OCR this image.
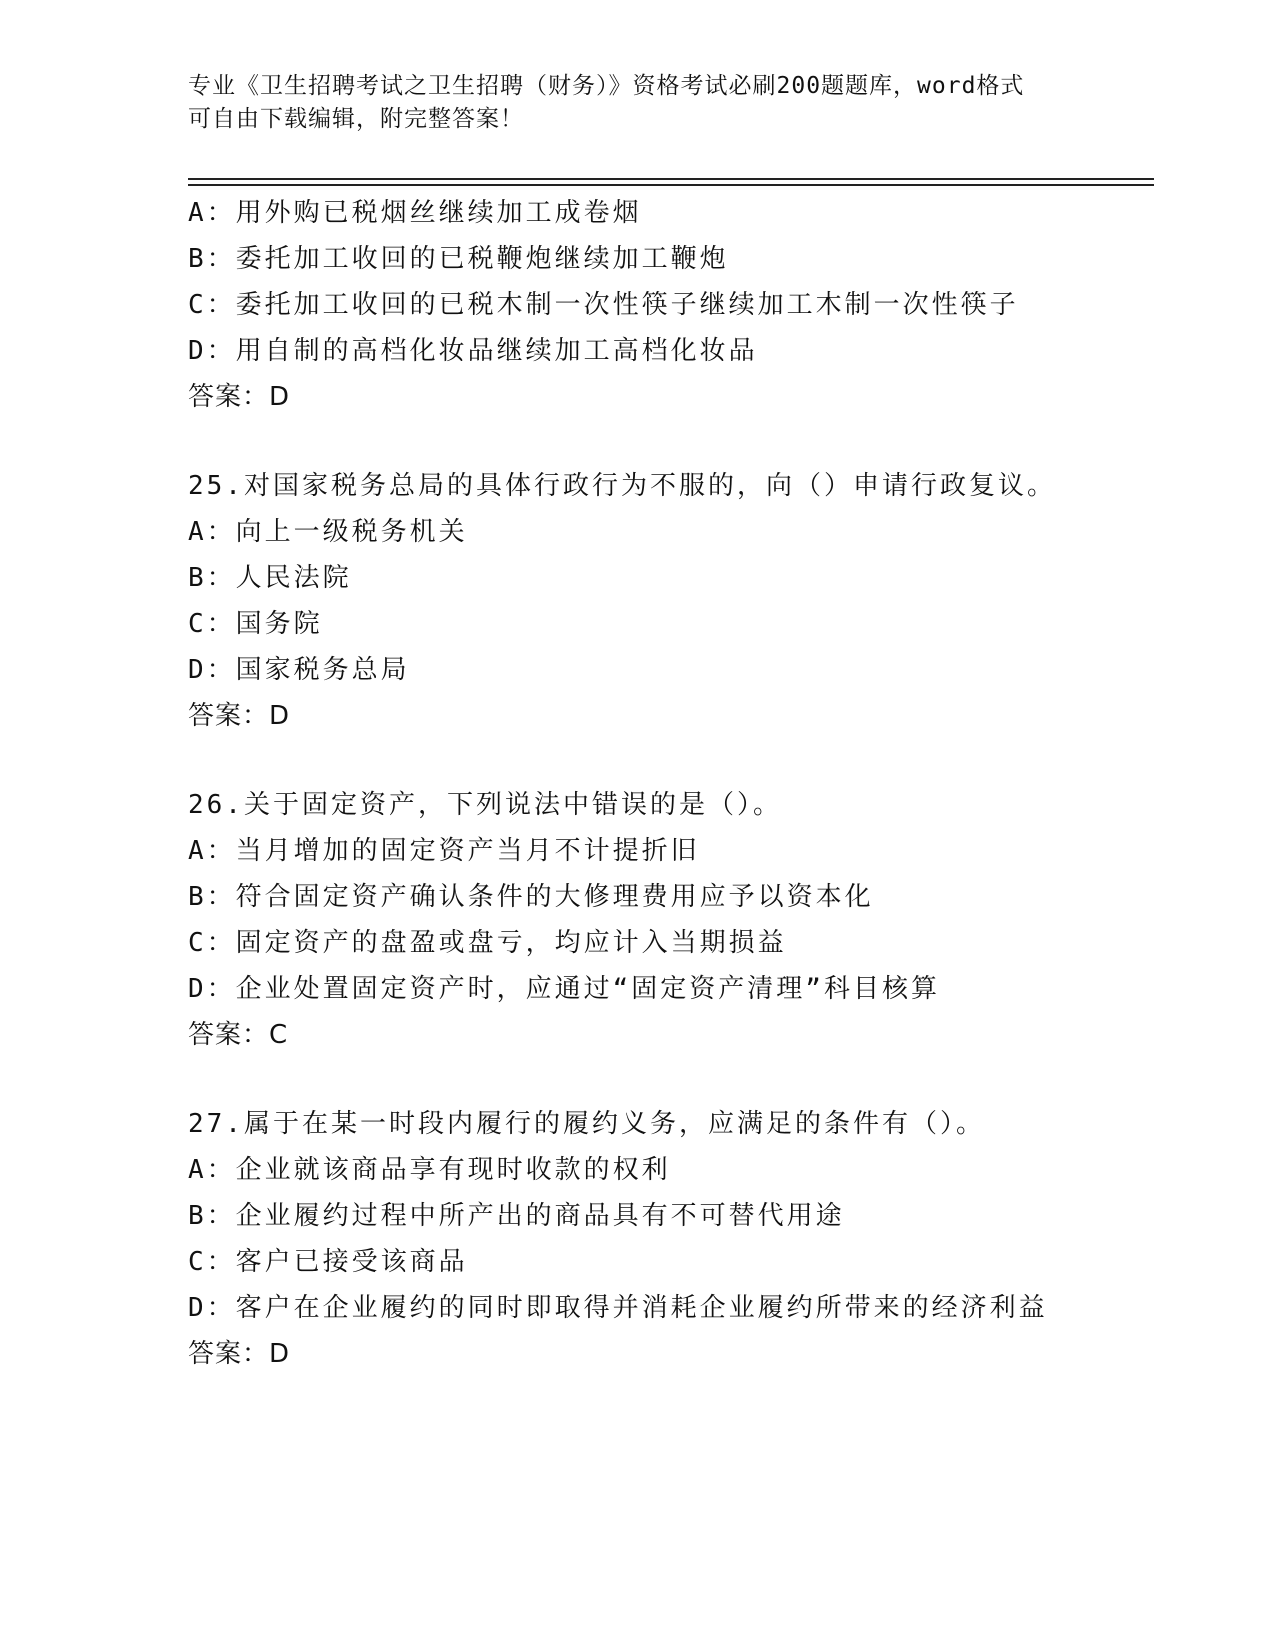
专业《卫生招聘考试之卫生招聘（财务）》资格考试必刷200题题库，word格式
可自由下载编辑，附完整答案！
A：用外购已税烟丝继续加工成卷烟
B：委托加工收回的已税鞭炮继续加工鞭炮
C：委托加工收回的已税木制一次性筷子继续加工木制一次性筷子
D：用自制的高档化妆品继续加工高档化妆品
答案：D
25.对国家税务总局的具体行政行为不服的，向（）申请行政复议。
A：向上一级税务机关
B：人民法院
C：国务院
D：国家税务总局
答案：D
26.关于固定资产，下列说法中错误的是（）。
A：当月增加的固定资产当月不计提折旧
B：符合固定资产确认条件的大修理费用应予以资本化
C：固定资产的盘盈或盘亏，均应计入当期损益
D：企业处置固定资产时，应通过“固定资产清理”科目核算
答案：C
27.属于在某一时段内履行的履约义务，应满足的条件有（）。
A：企业就该商品享有现时收款的权利
B：企业履约过程中所产出的商品具有不可替代用途
C：客户已接受该商品
D：客户在企业履约的同时即取得并消耗企业履约所带来的经济利益
答案：D
